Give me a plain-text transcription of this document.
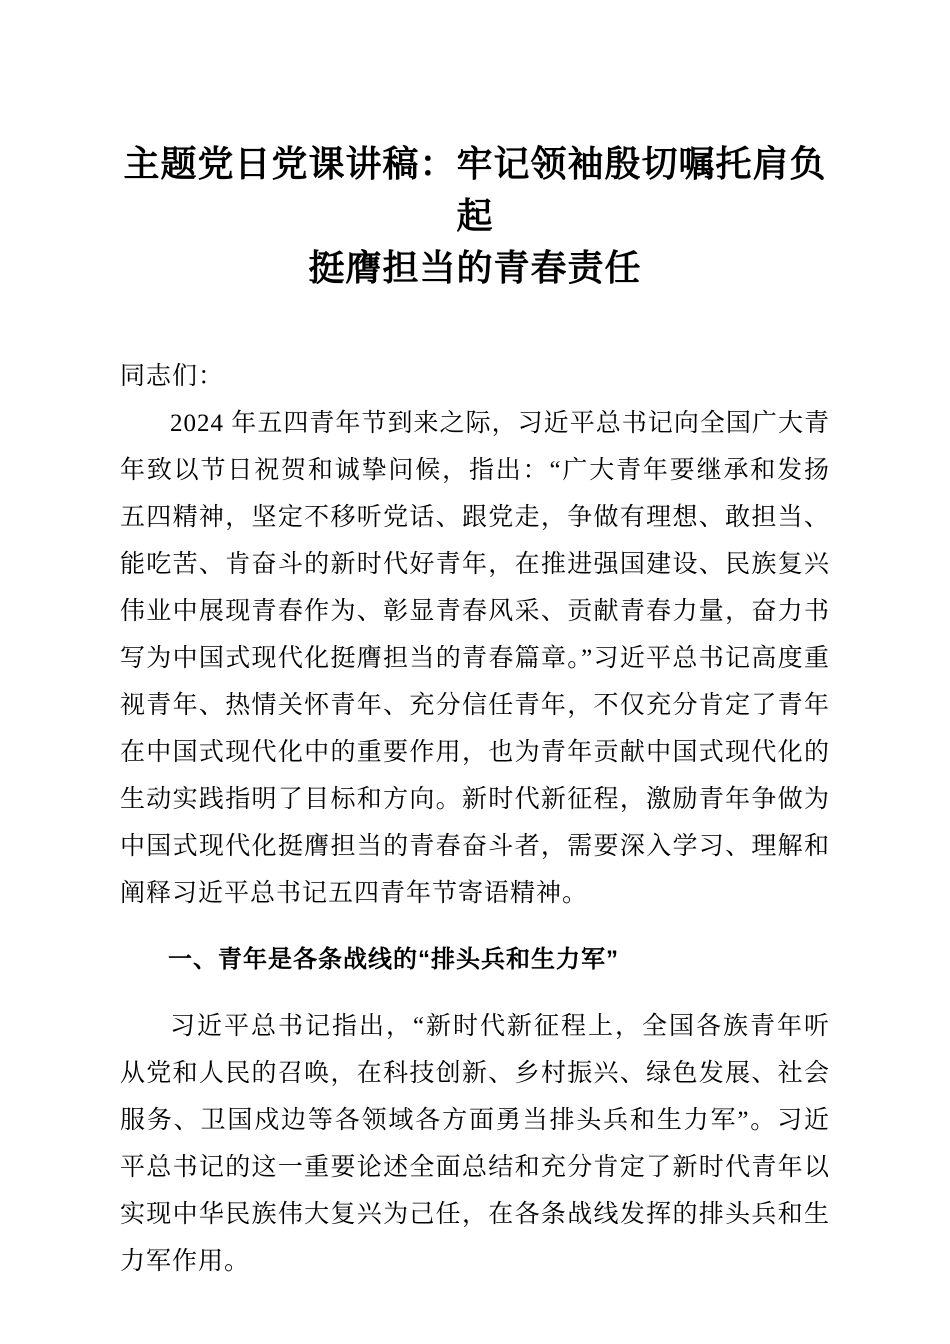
主题党日党课讲稿：牢记领袖殷切嘱托肩负起
挺膺担当的青春责任

同志们：

2024 年五四青年节到来之际，习近平总书记向全国广大青年致以节日祝贺和诚挚问候，指出：“广大青年要继承和发扬五四精神，坚定不移听党话、跟党走，争做有理想、敢担当、能吃苦、肯奋斗的新时代好青年，在推进强国建设、民族复兴伟业中展现青春作为、彰显青春风采、贡献青春力量，奋力书写为中国式现代化挺膺担当的青春篇章。”习近平总书记高度重视青年、热情关怀青年、充分信任青年，不仅充分肯定了青年在中国式现代化中的重要作用，也为青年贡献中国式现代化的生动实践指明了目标和方向。新时代新征程，激励青年争做为中国式现代化挺膺担当的青春奋斗者，需要深入学习、理解和阐释习近平总书记五四青年节寄语精神。

一、青年是各条战线的“排头兵和生力军”

习近平总书记指出，“新时代新征程上，全国各族青年听从党和人民的召唤，在科技创新、乡村振兴、绿色发展、社会服务、卫国戍边等各领域各方面勇当排头兵和生力军”。习近平总书记的这一重要论述全面总结和充分肯定了新时代青年以实现中华民族伟大复兴为己任，在各条战线发挥的排头兵和生力军作用。
